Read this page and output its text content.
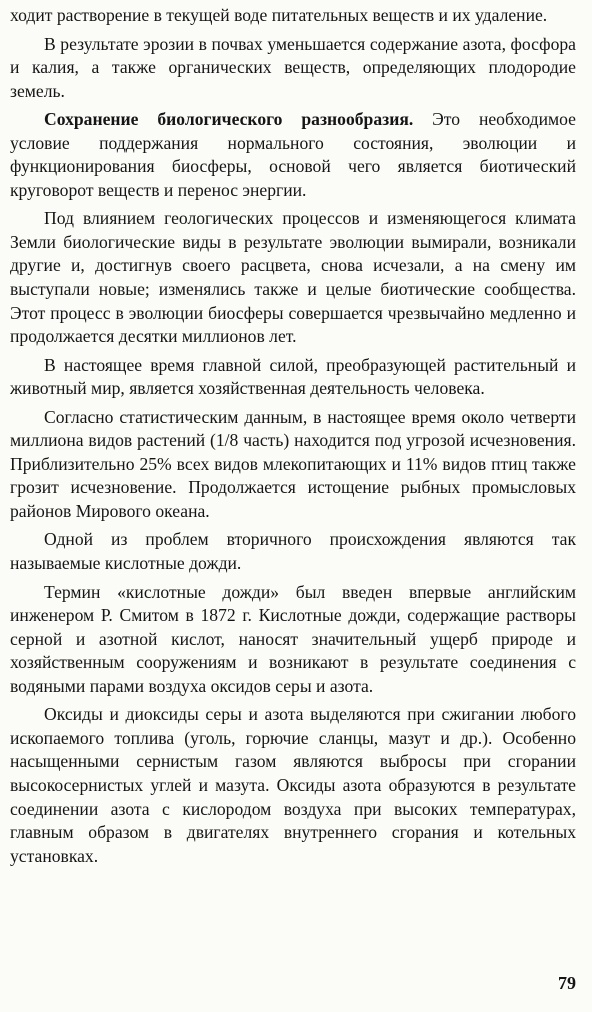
ходит растворение в текущей воде питательных веществ и их удаление.

В результате эрозии в почвах уменьшается содержание азота, фосфора и калия, а также органических веществ, определяющих плодородие земель.

Сохранение биологического разнообразия. Это необходимое условие поддержания нормального состояния, эволюции и функционирования биосферы, основой чего является биотический круговорот веществ и перенос энергии.

Под влиянием геологических процессов и изменяющегося климата Земли биологические виды в результате эволюции вымирали, возникали другие и, достигнув своего расцвета, снова исчезали, а на смену им выступали новые; изменялись также и целые биотические сообщества. Этот процесс в эволюции биосферы совершается чрезвычайно медленно и продолжается десятки миллионов лет.

В настоящее время главной силой, преобразующей растительный и животный мир, является хозяйственная деятельность человека.

Согласно статистическим данным, в настоящее время около четверти миллиона видов растений (1/8 часть) находится под угрозой исчезновения. Приблизительно 25% всех видов млекопитающих и 11% видов птиц также грозит исчезновение. Продолжается истощение рыбных промысловых районов Мирового океана.

Одной из проблем вторичного происхождения являются так называемые кислотные дожди.

Термин «кислотные дожди» был введен впервые английским инженером Р. Смитом в 1872 г. Кислотные дожди, содержащие растворы серной и азотной кислот, наносят значительный ущерб природе и хозяйственным сооружениям и возникают в результате соединения с водяными парами воздуха оксидов серы и азота.

Оксиды и диоксиды серы и азота выделяются при сжигании любого ископаемого топлива (уголь, горючие сланцы, мазут и др.). Особенно насыщенными сернистым газом являются выбросы при сгорании высокосернистых углей и мазута. Оксиды азота образуются в результате соединении азота с кислородом воздуха при высоких температурах, главным образом в двигателях внутреннего сгорания и котельных установках.

79
